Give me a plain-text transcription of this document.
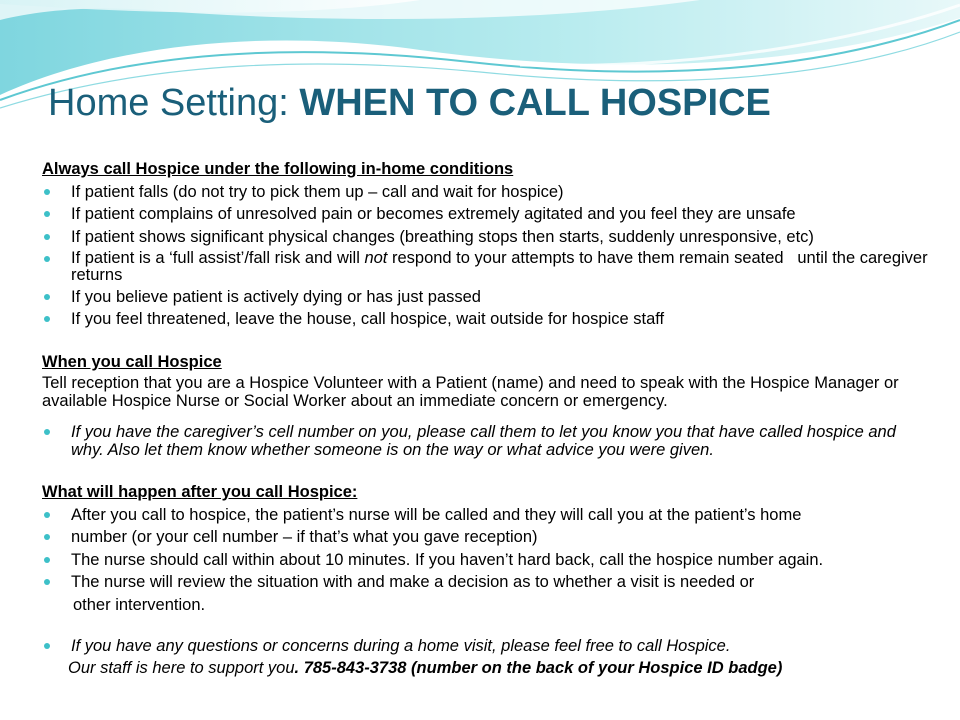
Home Setting: WHEN TO CALL HOSPICE

Always call Hospice under the following in-home conditions

If patient falls (do not try to pick them up – call and wait for hospice)
If patient complains of unresolved pain or becomes extremely agitated and you feel they are unsafe
If patient shows significant physical changes (breathing stops then starts, suddenly unresponsive, etc)
If patient is a ‘full assist’/fall risk and will not respond to your attempts to have them remain seated   until the caregiver returns
If you believe patient is actively dying or has just passed
If you feel threatened, leave the house, call hospice, wait outside for hospice staff

When you call Hospice

Tell reception that you are a Hospice Volunteer with a Patient (name) and need to speak with the Hospice Manager or available Hospice Nurse or Social Worker about an immediate concern or emergency.

If you have the caregiver’s cell number on you, please call them to let you know you that have called hospice and why. Also let them know whether someone is on the way or what advice you were given.

What will happen after you call Hospice:

After you call to hospice, the patient’s nurse will be called and they will call you at the patient’s home
number (or your cell number – if that’s what you gave reception)
The nurse should call within about 10 minutes. If you haven’t hard back, call the hospice number again.
The nurse will review the situation with and make a decision as to whether a visit is needed or
other intervention.
If you have any questions or concerns during a home visit, please feel free to call Hospice.

Our staff is here to support you. 785-843-3738 (number on the back of your Hospice ID badge)
